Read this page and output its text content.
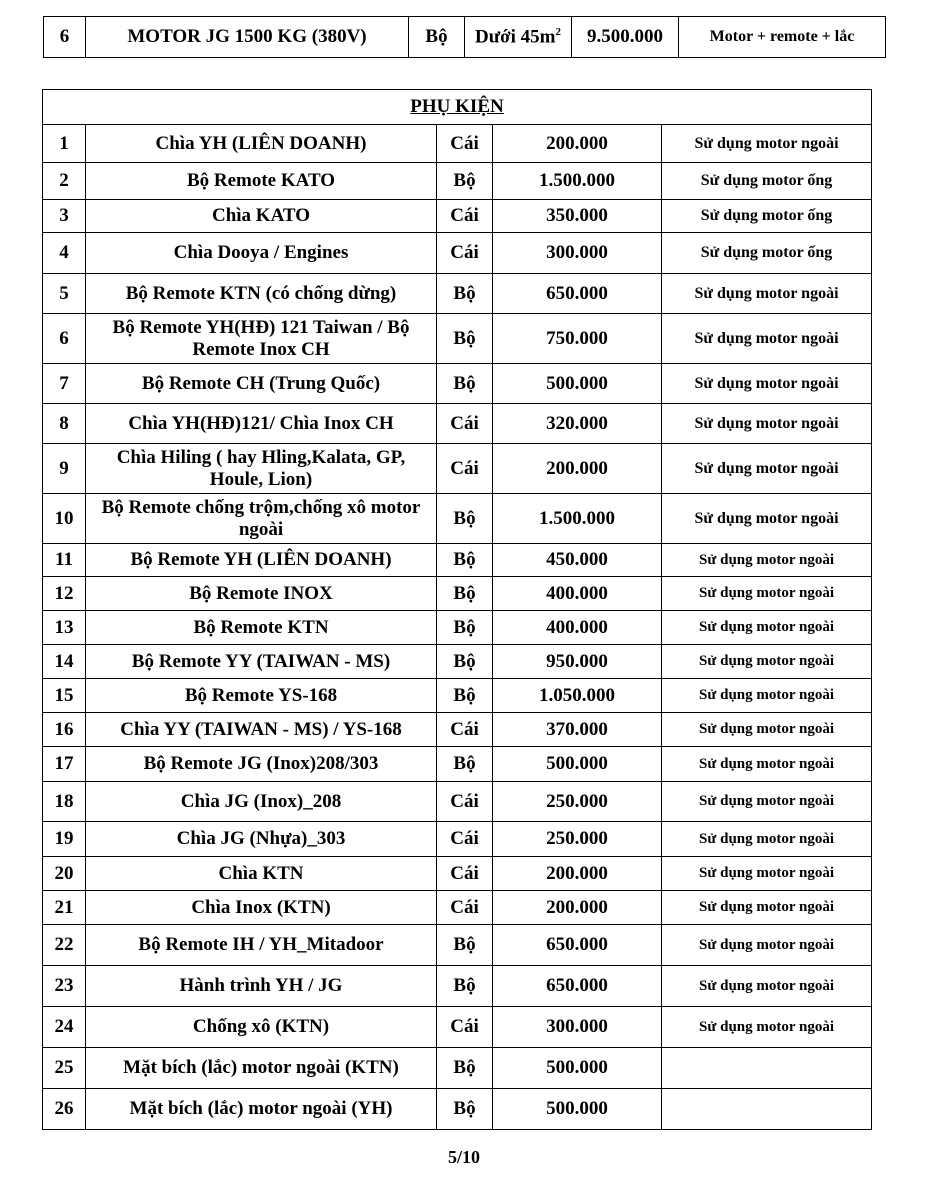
6	MOTOR JG 1500 KG (380V)	Bộ	Dưới $45m^2$	9.500.000	Motor + remote + lắc
PHỤ KIỆN				
1	Chìa YH (LIÊN DOANH)	Cái	200.000	Sử dụng motor ngoài
2	Bộ Remote KATO	Bộ	1.500.000	Sử dụng motor ống
3	Chìa KATO	Cái	350.000	Sử dụng motor ống
4	Chìa Dooya / Engines	Cái	300.000	Sử dụng motor ống
5	Bộ Remote KTN (có chống dừng)	Bộ	650.000	Sử dụng motor ngoài
6	Bộ Remote YH(HĐ) 121 Taiwan / Bộ Remote Inox CH	Bộ	750.000	Sử dụng motor ngoài
7	Bộ Remote CH (Trung Quốc)	Bộ	500.000	Sử dụng motor ngoài
8	Chìa YH(HĐ)121/ Chìa Inox CH	Cái	320.000	Sử dụng motor ngoài
9	Chìa Hiling ( hay Hling,Kalata, GP, Houle, Lion)	Cái	200.000	Sử dụng motor ngoài
10	Bộ Remote chống trộm,chống xô motor ngoài	Bộ	1.500.000	Sử dụng motor ngoài
11	Bộ Remote YH (LIÊN DOANH)	Bộ	450.000	Sử dụng motor ngoài
12	Bộ Remote INOX	Bộ	400.000	Sử dụng motor ngoài
13	Bộ Remote KTN	Bộ	400.000	Sử dụng motor ngoài
14	Bộ Remote YY (TAIWAN - MS)	Bộ	950.000	Sử dụng motor ngoài
15	Bộ Remote YS-168	Bộ	1.050.000	Sử dụng motor ngoài
16	Chìa YY (TAIWAN - MS) / YS-168	Cái	370.000	Sử dụng motor ngoài
17	Bộ Remote JG (Inox)208/303	Bộ	500.000	Sử dụng motor ngoài
18	Chìa JG (Inox)_208	Cái	250.000	Sử dụng motor ngoài
19	Chìa JG (Nhựa)_303	Cái	250.000	Sử dụng motor ngoài
20	Chìa KTN	Cái	200.000	Sử dụng motor ngoài
21	Chìa Inox (KTN)	Cái	200.000	Sử dụng motor ngoài
22	Bộ Remote IH / YH_Mitadoor	Bộ	650.000	Sử dụng motor ngoài
23	Hành trình YH / JG	Bộ	650.000	Sử dụng motor ngoài
24	Chống xô (KTN)	Cái	300.000	Sử dụng motor ngoài
25	Mặt bích (lắc) motor ngoài (KTN)	Bộ	500.000	
26	Mặt bích (lắc) motor ngoài (YH)	Bộ	500.000	
5/10
